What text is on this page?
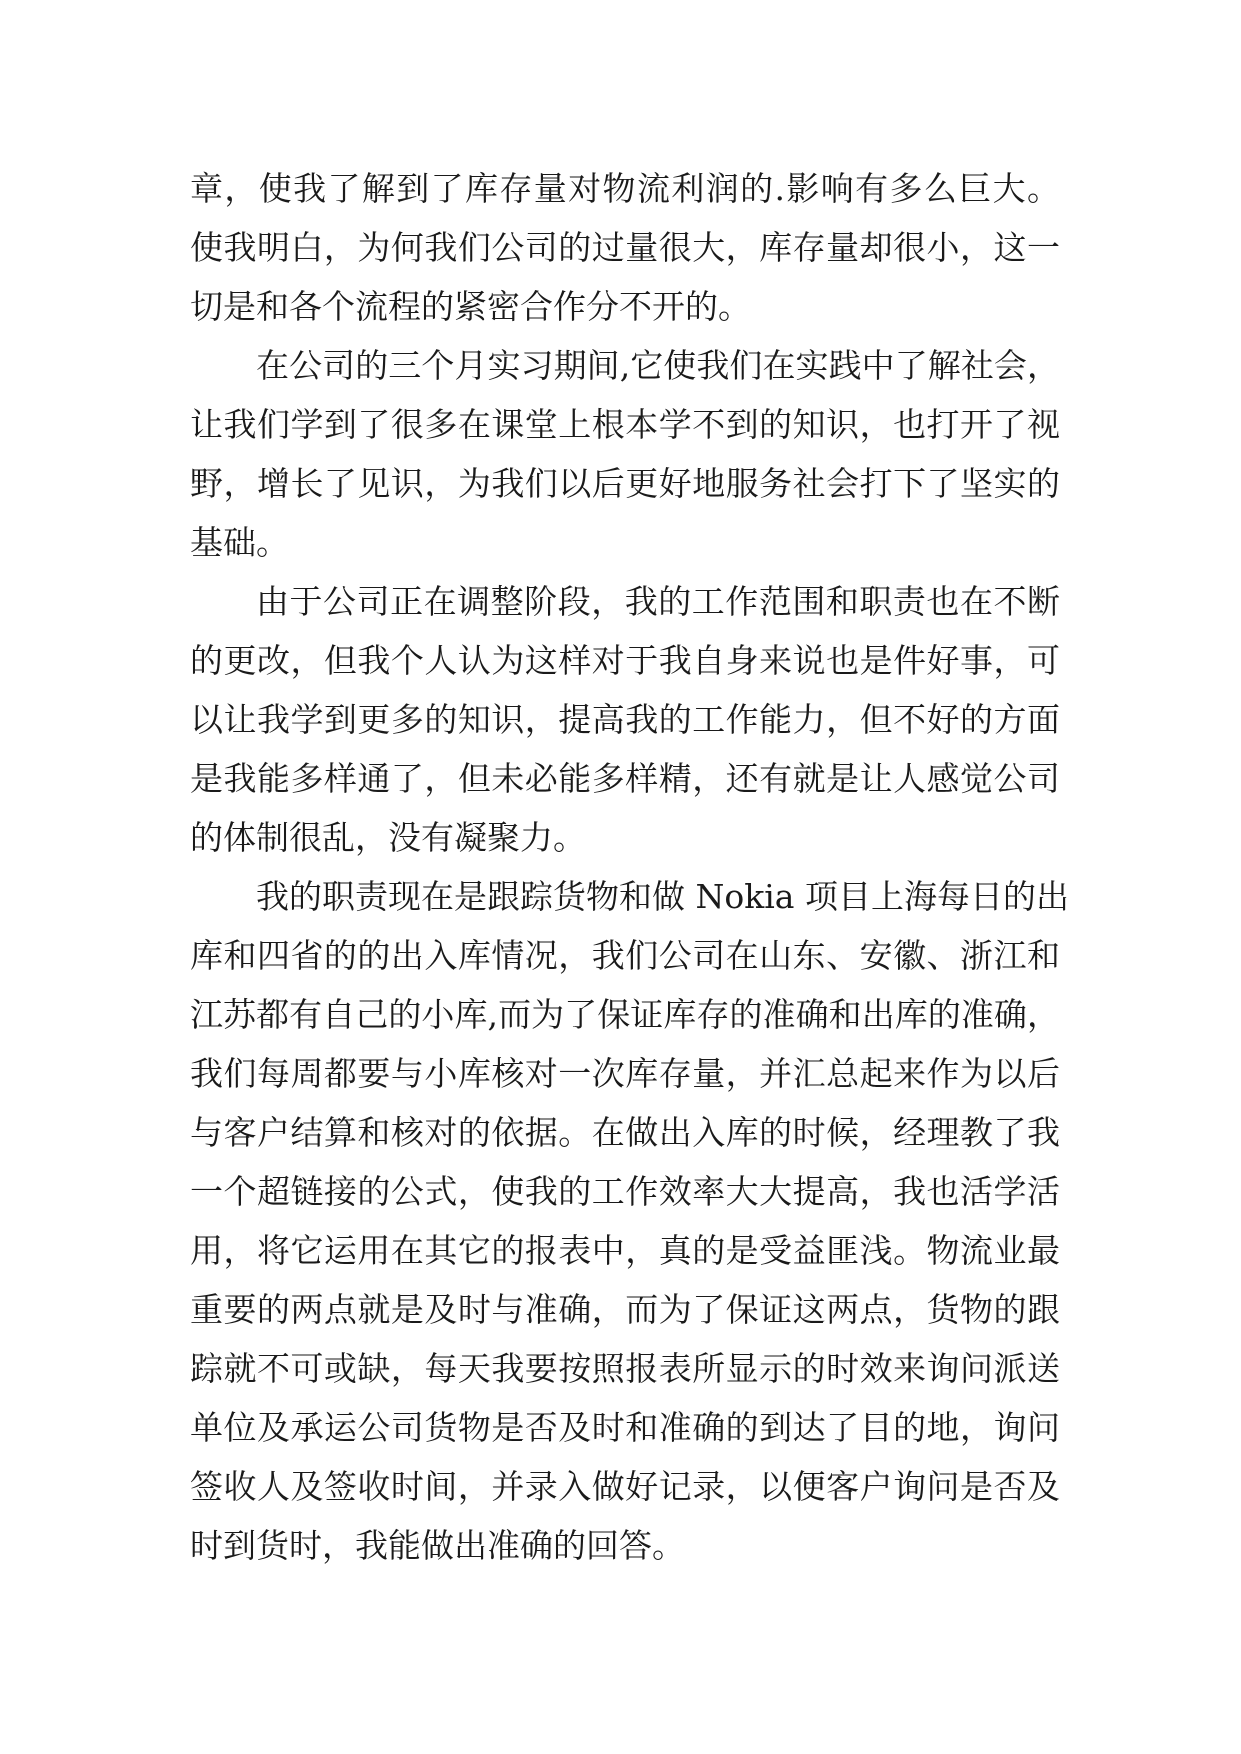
章，使我了解到了库存量对物流利润的.影响有多么巨大。
使我明白，为何我们公司的过量很大，库存量却很小，这一
切是和各个流程的紧密合作分不开的。
在公司的三个月实习期间,它使我们在实践中了解社会，
让我们学到了很多在课堂上根本学不到的知识，也打开了视
野，增长了见识，为我们以后更好地服务社会打下了坚实的
基础。
由于公司正在调整阶段，我的工作范围和职责也在不断
的更改，但我个人认为这样对于我自身来说也是件好事，可
以让我学到更多的知识，提高我的工作能力，但不好的方面
是我能多样通了，但未必能多样精，还有就是让人感觉公司
的体制很乱，没有凝聚力。
我的职责现在是跟踪货物和做 Nokia 项目上海每日的出
库和四省的的出入库情况，我们公司在山东、安徽、浙江和
江苏都有自己的小库,而为了保证库存的准确和出库的准确，
我们每周都要与小库核对一次库存量，并汇总起来作为以后
与客户结算和核对的依据。在做出入库的时候，经理教了我
一个超链接的公式，使我的工作效率大大提高，我也活学活
用，将它运用在其它的报表中，真的是受益匪浅。物流业最
重要的两点就是及时与准确，而为了保证这两点，货物的跟
踪就不可或缺，每天我要按照报表所显示的时效来询问派送
单位及承运公司货物是否及时和准确的到达了目的地，询问
签收人及签收时间，并录入做好记录，以便客户询问是否及
时到货时，我能做出准确的回答。
